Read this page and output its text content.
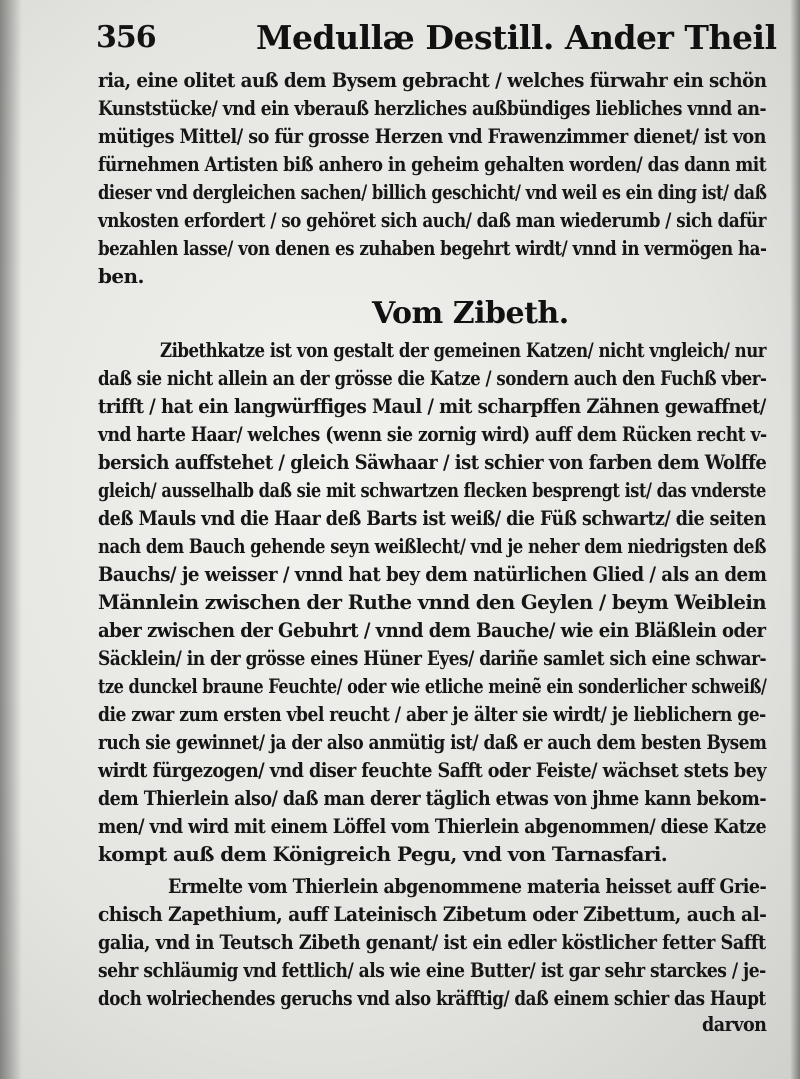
356	Medullæ Destill. Ander Theil
ria, eine olitet auß dem Bysem gebracht / welches fürwahr ein schön
Kunststücke/ vnd ein vberauß herzliches außbündiges liebliches vnnd an-
mütiges Mittel/ so für grosse Herzen vnd Frawenzimmer dienet/ ist von
fürnehmen Artisten biß anhero in geheim gehalten worden/ das dann mit
dieser vnd dergleichen sachen/ billich geschicht/ vnd weil es ein ding ist/ daß
vnkosten erfordert / so gehöret sich auch/ daß man wiederumb / sich dafür
bezahlen lasse/ von denen es zuhaben begehrt wirdt/ vnnd in vermögen ha-
ben.
Vom Zibeth.
Zibethkatze ist von gestalt der gemeinen Katzen/ nicht vngleich/ nur
daß sie nicht allein an der grösse die Katze / sondern auch den Fuchß vber-
trifft / hat ein langwürffiges Maul / mit scharpffen Zähnen gewaffnet/
vnd harte Haar/ welches (wenn sie zornig wird) auff dem Rücken recht v-
bersich auffstehet / gleich Säwhaar / ist schier von farben dem Wolffe
gleich/ ausselhalb daß sie mit schwartzen flecken besprengt ist/ das vnderste
deß Mauls vnd die Haar deß Barts ist weiß/ die Füß schwartz/ die seiten
nach dem Bauch gehende seyn weißlecht/ vnd je neher dem niedrigsten deß
Bauchs/ je weisser / vnnd hat bey dem natürlichen Glied / als an dem
Männlein zwischen der Ruthe vnnd den Geylen / beym Weiblein
aber zwischen der Gebuhrt / vnnd dem Bauche/ wie ein Bläßlein oder
Säcklein/ in der grösse eines Hüner Eyes/ dariñe samlet sich eine schwar-
tze dunckel braune Feuchte/ oder wie etliche meinẽ ein sonderlicher schweiß/
die zwar zum ersten vbel reucht / aber je älter sie wirdt/ je lieblichern ge-
ruch sie gewinnet/ ja der also anmütig ist/ daß er auch dem besten Bysem
wirdt fürgezogen/ vnd diser feuchte Safft oder Feiste/ wächset stets bey
dem Thierlein also/ daß man derer täglich etwas von jhme kann bekom-
men/ vnd wird mit einem Löffel vom Thierlein abgenommen/ diese Katze
kompt auß dem Königreich Pegu, vnd von Tarnasfari.
Ermelte vom Thierlein abgenommene materia heisset auff Grie-
chisch Zapethium, auff Lateinisch Zibetum oder Zibettum, auch al-
galia, vnd in Teutsch Zibeth genant/ ist ein edler köstlicher fetter Safft
sehr schläumig vnd fettlich/ als wie eine Butter/ ist gar sehr starckes / je-
doch wolriechendes geruchs vnd also kräfftig/ daß einem schier das Haupt
darvon
